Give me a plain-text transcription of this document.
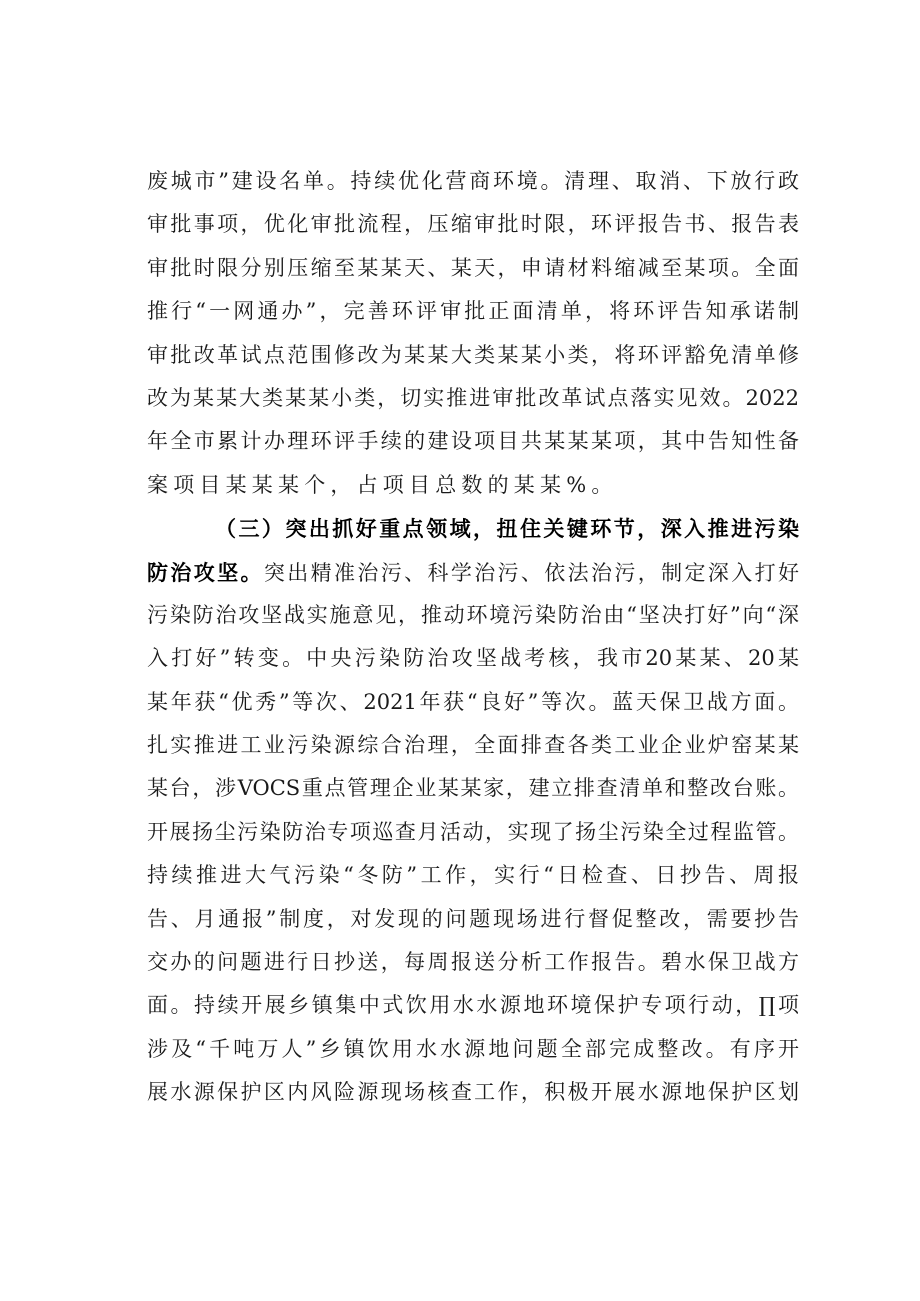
废城市”建设名单。持续优化营商环境。清理、取消、下放行政
审批事项，优化审批流程，压缩审批时限，环评报告书、报告表
审批时限分别压缩至某某天、某天，申请材料缩减至某项。全面
推行“一网通办”，完善环评审批正面清单，将环评告知承诺制
审批改革试点范围修改为某某大类某某小类，将环评豁免清单修
改为某某大类某某小类，切实推进审批改革试点落实见效。2022
年全市累计办理环评手续的建设项目共某某某项，其中告知性备
案项目某某某个，占项目总数的某某%。
（三）突出抓好重点领域，扭住关键环节，深入推进污染
防治攻坚。突出精准治污、科学治污、依法治污，制定深入打好
污染防治攻坚战实施意见，推动环境污染防治由“坚决打好”向“深
入打好”转变。中央污染防治攻坚战考核，我市20某某、20某
某年获“优秀”等次、2021年获“良好”等次。蓝天保卫战方面。
扎实推进工业污染源综合治理，全面排查各类工业企业炉窑某某
某台，涉VOCS重点管理企业某某家，建立排查清单和整改台账。
开展扬尘污染防治专项巡查月活动，实现了扬尘污染全过程监管。
持续推进大气污染“冬防”工作，实行“日检查、日抄告、周报
告、月通报”制度，对发现的问题现场进行督促整改，需要抄告
交办的问题进行日抄送，每周报送分析工作报告。碧水保卫战方
面。持续开展乡镇集中式饮用水水源地环境保护专项行动，∏项
涉及“千吨万人”乡镇饮用水水源地问题全部完成整改。有序开
展水源保护区内风险源现场核查工作，积极开展水源地保护区划
